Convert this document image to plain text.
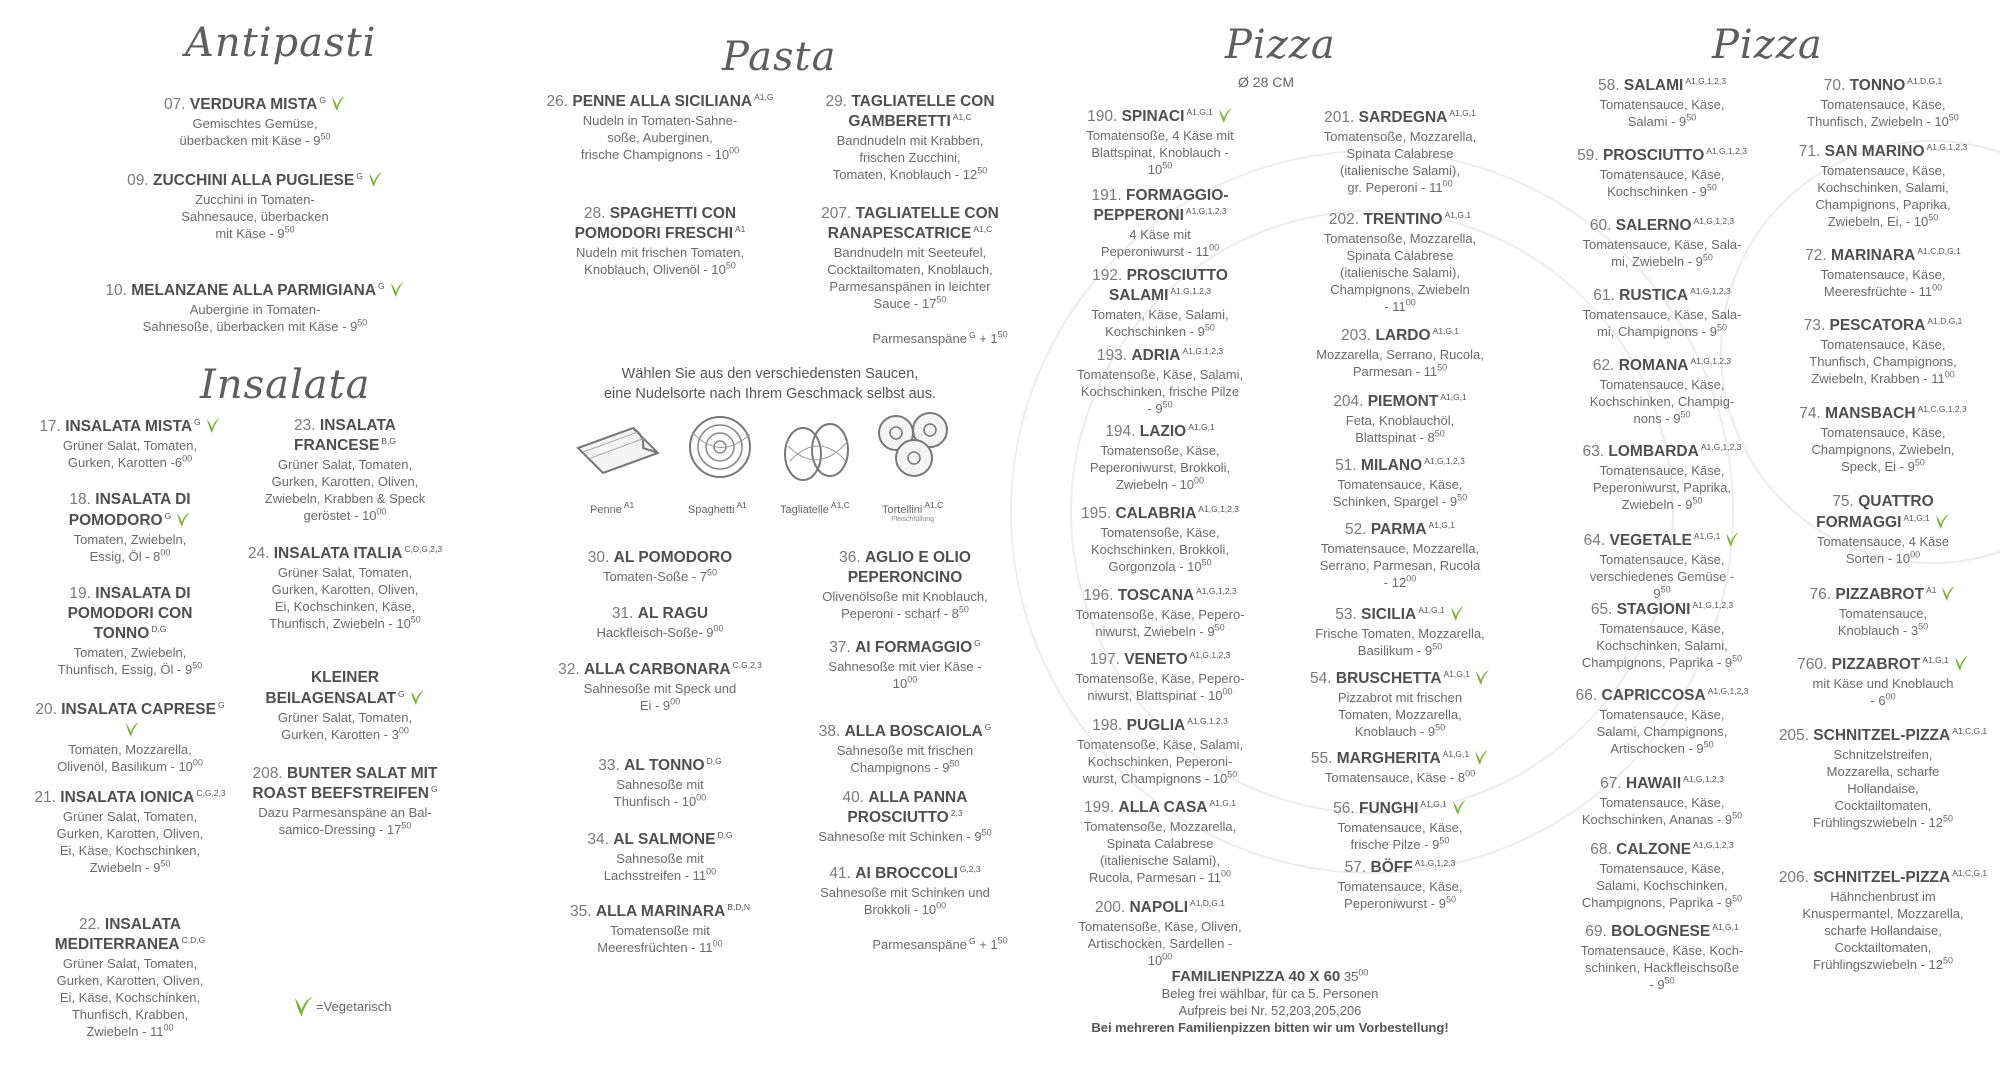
Antipasti
Insalata
Pasta	Pizza
Ø 28 CM
Pizza
07. VERDURA MISTA $^G$
Gemischtes Gemüse,
überbacken mit Käse - $9^{50}$
09. ZUCCHINI ALLA PUGLIESE $^G$
Zucchini in Tomaten-
Sahnesauce, überbacken
mit Käse - $9^{50}$
10. MELANZANE ALLA PARMIGIANA $^G$
Aubergine in Tomaten-
Sahnesoße, überbacken mit Käse - $9^{50}$
17. INSALATA MISTA $^G$
Grüner Salat, Tomaten,
Gurken, Karotten $-6^{00}$
18. INSALATA DI POMODORO $^G$
Tomaten, Zwiebeln,
Essig, Öl - $8^{00}$
19. INSALATA DI POMODORI CON TONNO $^{D,G}$
Tomaten, Zwiebeln,
Thunfisch, Essig, Öl - $9^{50}$
20. INSALATA CAPRESE $^G$
Tomaten, Mozzarella,
Olivenöl, Basilikum - $10^{00}$
21. INSALATA IONICA $^{C,G,2,3}$
Grüner Salat, Tomaten,
Gurken, Karotten, Oliven,
Ei, Käse, Kochschinken,
Zwiebeln - $9^{50}$
22. INSALATA MEDITERRANEA $^{C,D,G}$
Grüner Salat, Tomaten,
Gurken, Karotten, Oliven,
Ei, Käse, Kochschinken,
Thunfisch, Krabben,
Zwiebeln - $11^{00}$
23. INSALATA FRANCESE $^{B,G}$
Grüner Salat, Tomaten,
Gurken, Karotten, Oliven,
Zwiebeln, Krabben & Speck
geröstet - $10^{00}$
24. INSALATA ITALIA $^{C,D,G,2,3}$
Grüner Salat, Tomaten,
Gurken, Karotten, Oliven,
Ei, Kochschinken, Käse,
Thunfisch, Zwiebeln - $10^{50}$
KLEINER BEILAGENSALAT $^G$
Grüner Salat, Tomaten,
Gurken, Karotten - $3^{00}$
208. BUNTER SALAT MIT ROAST BEEFSTREIFEN $^G$
Dazu Parmesanspäne an Bal-
samico-Dressing - $17^{50}$
26. PENNE ALLA SICILIANA $^{A1,G}$
Nudeln in Tomaten-Sahne-
soße, Auberginen,
frische Champignons - $10^{00}$
28. SPAGHETTI CON POMODORI FRESCHI $^{A1}$
Nudeln mit frischen Tomaten,
Knoblauch, Olivenöl - $10^{50}$
29. TAGLIATELLE CON GAMBERETTI $^{A1,C}$
Bandnudeln mit Krabben,
frischen Zucchini,
Tomaten, Knoblauch - $12^{50}$
207. TAGLIATELLE CON RANAPESCATRICE $^{A1,C}$
Bandnudeln mit Seeteufel,
Cocktailtomaten, Knoblauch,
Parmesanspänen in leichter
Sauce - $17^{50}$
30. AL POMODORO
Tomaten-Soße - $7^{50}$
31. AL RAGU
Hackfleisch-Soße- $9^{00}$
32. ALLA CARBONARA $^{C,G,2,3}$
Sahnesoße mit Speck und
Ei - $9^{00}$
33. AL TONNO $^{D,G}$
Sahnesoße mit
Thunfisch - $10^{00}$
34. AL SALMONE $^{D,G}$
Sahnesoße mit
Lachsstreifen - $11^{00}$
35. ALLA MARINARA $^{B,D,N}$
Tomatensoße mit
Meeresfrüchten - $11^{00}$
36. AGLIO E OLIO PEPERONCINO
Olivenölsoße mit Knoblauch,
Peperoni - scharf - $8^{50}$
37. AI FORMAGGIO $^G$
Sahnesoße mit vier Käse -
$10^{00}$
38. ALLA BOSCAIOLA $^G$
Sahnesoße mit frischen
Champignons - $9^{50}$
40. ALLA PANNA PROSCIUTTO $^{2,3}$
Sahnesoße mit Schinken - $9^{50}$
41. AI BROCCOLI $^{G,2,3}$
Sahnesoße mit Schinken und
Brokkoli - $10^{00}$
190. SPINACI $^{A1,G,1}$
Tomatensoße, 4 Käse mit
Blattspinat, Knoblauch -
$10^{50}$
191. FORMAGGIO-PEPPERONI $^{A1,G,1,2,3}$
4 Käse mit
Peperoniwurst - $11^{00}$
192. PROSCIUTTO SALAMI $^{A1,G,1,2,3}$
Tomaten, Käse, Salami,
Kochschinken - $9^{50}$
193. ADRIA $^{A1,G,1,2,3}$
Tomatensoße, Käse, Salami,
Kochschinken, frische Pilze
- $9^{50}$
194. LAZIO $^{A1,G,1}$
Tomatensoße, Käse,
Peperoniwurst, Brokkoli,
Zwiebeln - $10^{00}$
195. CALABRIA $^{A1,G,1,2,3}$
Tomatensoße, Käse,
Kochschinken, Brokkoli,
Gorgonzola - $10^{50}$
196. TOSCANA $^{A1,G,1,2,3}$
Tomatensoße, Käse, Pepero-
niwurst, Zwiebeln - $9^{50}$
197. VENETO $^{A1,G,1,2,3}$
Tomatensoße, Käse, Pepero-
niwurst, Blattspinat - $10^{00}$
198. PUGLIA $^{A1,G,1,2,3}$
Tomatensoße, Käse, Salami,
Kochschinken, Peperoni-
wurst, Champignons - $10^{50}$
199. ALLA CASA $^{A1,G,1}$
Tomatensoße, Mozzarella,
Spinata Calabrese
(italienische Salami),
Rucola, Parmesan - $11^{00}$
200. NAPOLI $^{A1,D,G,1}$
Tomatensoße, Käse, Oliven,
Artischocken, Sardellen -
$10^{00}$
201. SARDEGNA $^{A1,G,1}$
Tomatensoße, Mozzarella,
Spinata Calabrese
(italienische Salami),
gr. Peperoni - $11^{00}$
202. TRENTINO $^{A1,G,1}$
Tomatensoße, Mozzarella,
Spinata Calabrese
(italienische Salami),
Champignons, Zwiebeln
- $11^{00}$
203. LARDO $^{A1,G,1}$
Mozzarella, Serrano, Rucola,
Parmesan - $11^{50}$
204. PIEMONT $^{A1,G,1}$
Feta, Knoblauchöl,
Blattspinat - $8^{50}$
51. MILANO $^{A1,G,1,2,3}$
Tomatensauce, Käse,
Schinken, Spargel - $9^{50}$
52. PARMA $^{A1,G,1}$
Tomatensauce, Mozzarella,
Serrano, Parmesan, Rucola
- $12^{00}$
53. SICILIA $^{A1,G,1}$
Frische Tomaten, Mozzarella,
Basilikum - $9^{50}$
54. BRUSCHETTA $^{A1,G,1}$
Pizzabrot mit frischen
Tomaten, Mozzarella,
Knoblauch - $9^{50}$
55. MARGHERITA $^{A1,G,1}$
Tomatensauce, Käse - $8^{00}$
56. FUNGHI $^{A1,G,1}$
Tomatensauce, Käse,
frische Pilze - $9^{50}$
57. BÖFF $^{A1,G,1,2,3}$
Tomatensauce, Käse,
Peperoniwurst - $9^{50}$
58. SALAMI $^{A1,G,1,2,3}$
Tomatensauce, Käse,
Salami - $9^{50}$
59. PROSCIUTTO $^{A1,G,1,2,3}$
Tomatensauce, Käse,
Kochschinken - $9^{50}$
60. SALERNO $^{A1,G,1,2,3}$
Tomatensauce, Käse, Sala-
mi, Zwiebeln - $9^{50}$
61. RUSTICA $^{A1,G,1,2,3}$
Tomatensauce, Käse, Sala-
mi, Champignons - $9^{50}$
62. ROMANA $^{A1,G,1,2,3}$
Tomatensauce, Käse,
Kochschinken, Champig-
nons - $9^{50}$
63. LOMBARDA $^{A1,G,1,2,3}$
Tomatensauce, Käse,
Peperoniwurst, Paprika,
Zwiebeln - $9^{50}$
64. VEGETALE $^{A1,G,1}$
Tomatensauce, Käse,
verschiedenes Gemüse -
$9^{50}$
65. STAGIONI $^{A1,G,1,2,3}$
Tomatensauce, Käse,
Kochschinken, Salami,
Champignons, Paprika - $9^{50}$
66. CAPRICCOSA $^{A1,G,1,2,3}$
Tomatensauce, Käse,
Salami, Champignons,
Artischocken - $9^{50}$
67. HAWAII $^{A1,G,1,2,3}$
Tomatensauce, Käse,
Kochschinken, Ananas - $9^{50}$
68. CALZONE $^{A1,G,1,2,3}$
Tomatensauce, Käse,
Salami, Kochschinken,
Champignons, Paprika - $9^{50}$
69. BOLOGNESE $^{A1,G,1}$
Tomatensauce, Käse, Koch-
schinken, Hackfleischsoße
- $9^{50}$
70. TONNO $^{A1,D,G,1}$
Tomatensauce, Käse,
Thunfisch, Zwiebeln - $10^{50}$
71. SAN MARINO $^{A1,G,1,2,3}$
Tomatensauce, Käse,
Kochschinken, Salami,
Champignons, Paprika,
Zwiebeln, Ei, - $10^{50}$
72. MARINARA $^{A1,C,D,G,1}$
Tomatensauce, Käse,
Meeresfrüchte - $11^{00}$
73. PESCATORA $^{A1,D,G,1}$
Tomatensauce, Käse,
Thunfisch, Champignons,
Zwiebeln, Krabben - $11^{00}$
74. MANSBACH $^{A1,C,G,1,2,3}$
Tomatensauce, Käse,
Champignons, Zwiebeln,
Speck, Ei - $9^{50}$
75. QUATTRO FORMAGGI $^{A1,G,1}$
Tomatensauce, 4 Käse
Sorten - $10^{00}$
76. PIZZABROT $^{A1}$
Tomatensauce,
Knoblauch - $3^{50}$
760. PIZZABROT $^{A1,G,1}$
mit Käse und Knoblauch
- $6^{00}$
205. SCHNITZEL-PIZZA $^{A1,C,G,1}$
Schnitzelstreifen,
Mozzarella, scharfe
Hollandaise,
Cocktailtomaten,
Frühlingszwiebeln - $12^{50}$
206. SCHNITZEL-PIZZA $^{A1,C,G,1}$
Hähnchenbrust im
Knuspermantel, Mozzarella,
scharfe Hollandaise,
Cocktailtomaten,
Frühlingszwiebeln - $12^{50}$
Parmesanspäne $^G + 1^{50}$
Parmesanspäne $^G + 1^{50}$
Wählen Sie aus den verschiedensten Saucen,
eine Nudelsorte nach Ihrem Geschmack selbst aus.
Penne $^{A1}$	Spaghetti $^{A1}$	Tagliatelle $^{A1,C}$	Tortellini $^{A1,C}$
Fleischfüllung
FAMILIENPIZZA 40 X 60 $35^{00}$
Beleg frei wählbar, für ca 5. Personen
Aufpreis bei Nr. 52,203,205,206
Bei mehreren Familienpizzen bitten wir um Vorbestellung!
=Vegetarisch
